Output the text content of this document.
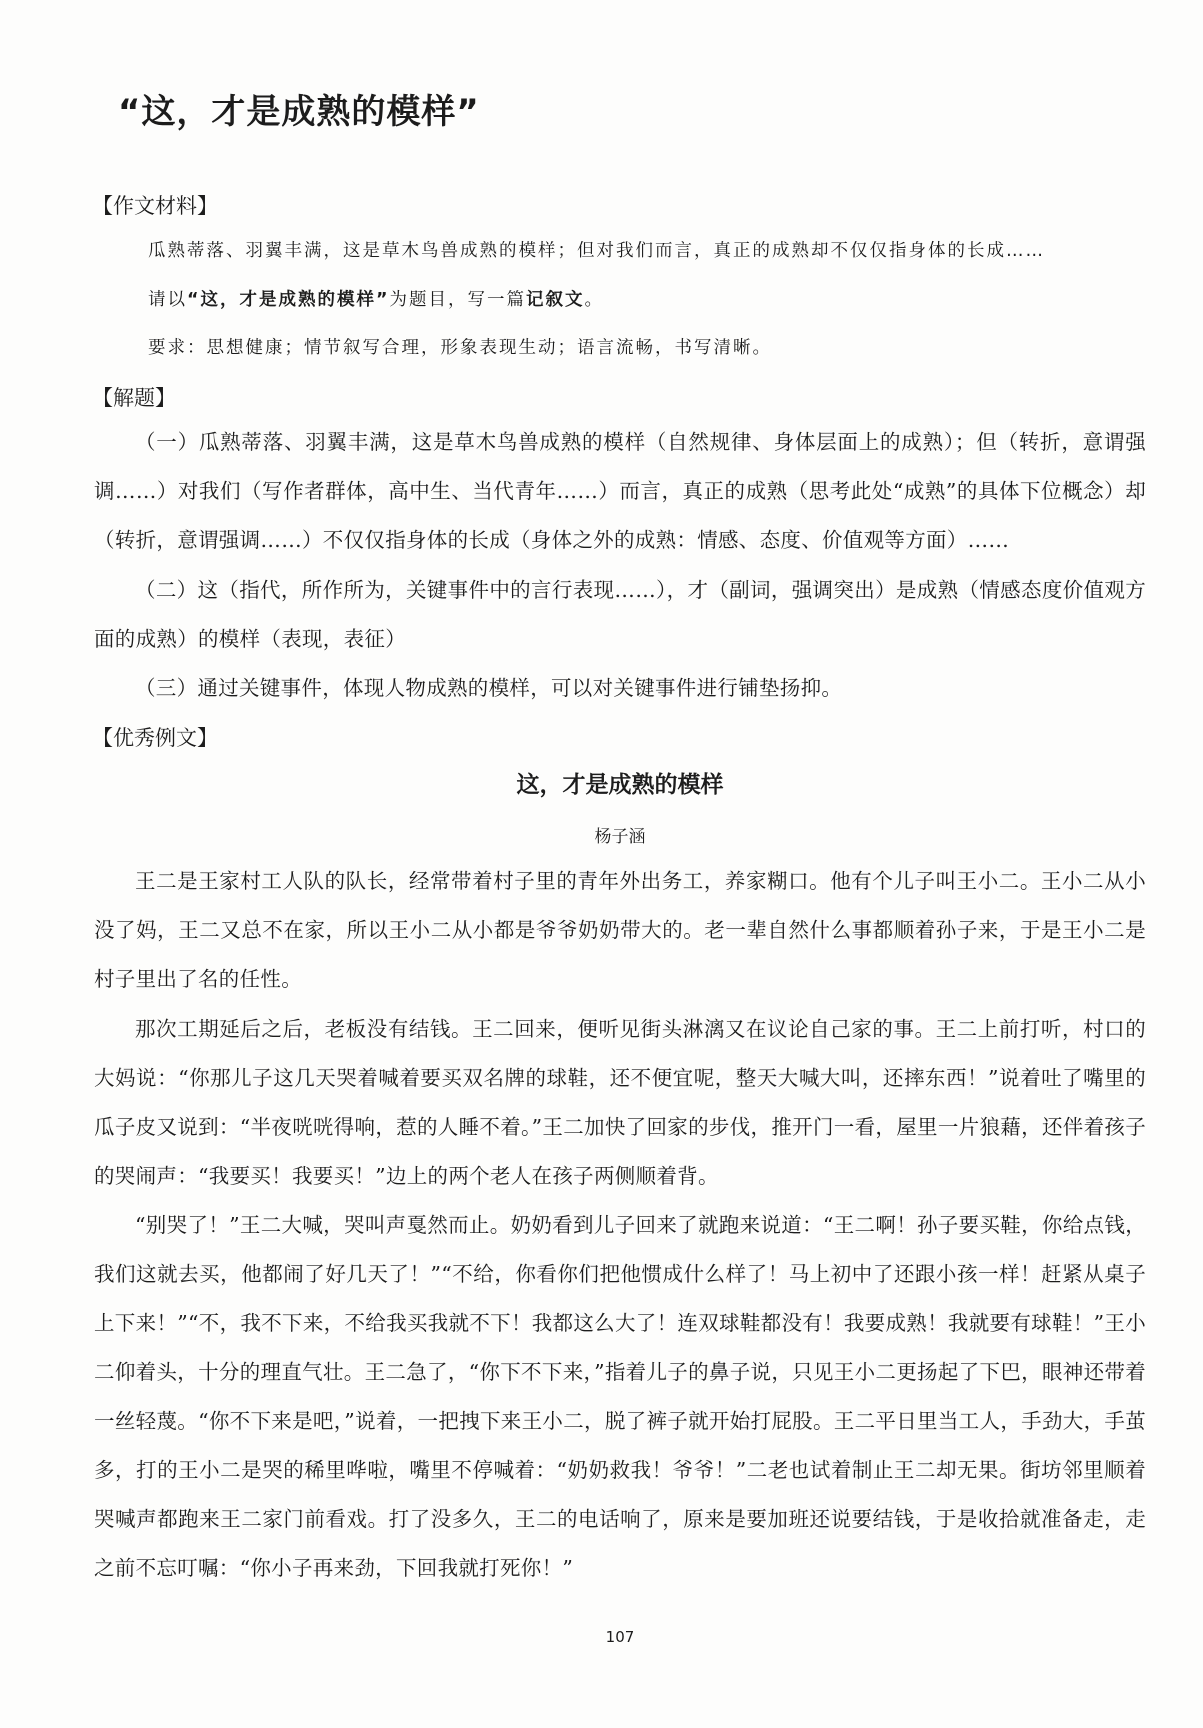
“这，才是成熟的模样”
【作文材料】

瓜熟蒂落、羽翼丰满，这是草木鸟兽成熟的模样；但对我们而言，真正的成熟却不仅仅指身体的长成……

请以“这，才是成熟的模样”为题目，写一篇记叙文。

要求：思想健康；情节叙写合理，形象表现生动；语言流畅，书写清晰。

【解题】

（一）瓜熟蒂落、羽翼丰满，这是草木鸟兽成熟的模样（自然规律、身体层面上的成熟）；但（转折，意谓强调……）对我们（写作者群体，高中生、当代青年……）而言，真正的成熟（思考此处“成熟”的具体下位概念）却（转折，意谓强调……）不仅仅指身体的长成（身体之外的成熟：情感、态度、价值观等方面）……

（二）这（指代，所作所为，关键事件中的言行表现……），才（副词，强调突出）是成熟（情感态度价值观方面的成熟）的模样（表现，表征）

（三）通过关键事件，体现人物成熟的模样，可以对关键事件进行铺垫扬抑。

【优秀例文】
这，才是成熟的模样
杨子涵

王二是王家村工人队的队长，经常带着村子里的青年外出务工，养家糊口。他有个儿子叫王小二。王小二从小没了妈，王二又总不在家，所以王小二从小都是爷爷奶奶带大的。老一辈自然什么事都顺着孙子来，于是王小二是村子里出了名的任性。

那次工期延后之后，老板没有结钱。王二回来，便听见街头淋漓又在议论自己家的事。王二上前打听，村口的大妈说：“你那儿子这几天哭着喊着要买双名牌的球鞋，还不便宜呢，整天大喊大叫，还摔东西！”说着吐了嘴里的瓜子皮又说到：“半夜咣咣得响，惹的人睡不着。”王二加快了回家的步伐，推开门一看，屋里一片狼藉，还伴着孩子的哭闹声：“我要买！我要买！”边上的两个老人在孩子两侧顺着背。

“别哭了！”王二大喊，哭叫声戛然而止。奶奶看到儿子回来了就跑来说道：“王二啊！孙子要买鞋，你给点钱，我们这就去买，他都闹了好几天了！”“不给，你看你们把他惯成什么样了！马上初中了还跟小孩一样！赶紧从桌子上下来！”“不，我不下来，不给我买我就不下！我都这么大了！连双球鞋都没有！我要成熟！我就要有球鞋！”王小二仰着头，十分的理直气壮。王二急了，“你下不下来，”指着儿子的鼻子说，只见王小二更扬起了下巴，眼神还带着一丝轻蔑。“你不下来是吧，”说着，一把拽下来王小二，脱了裤子就开始打屁股。王二平日里当工人，手劲大，手茧多，打的王小二是哭的稀里哗啦，嘴里不停喊着：“奶奶救我！爷爷！”二老也试着制止王二却无果。街坊邻里顺着哭喊声都跑来王二家门前看戏。打了没多久，王二的电话响了，原来是要加班还说要结钱，于是收拾就准备走，走之前不忘叮嘱：“你小子再来劲，下回我就打死你！”

107
